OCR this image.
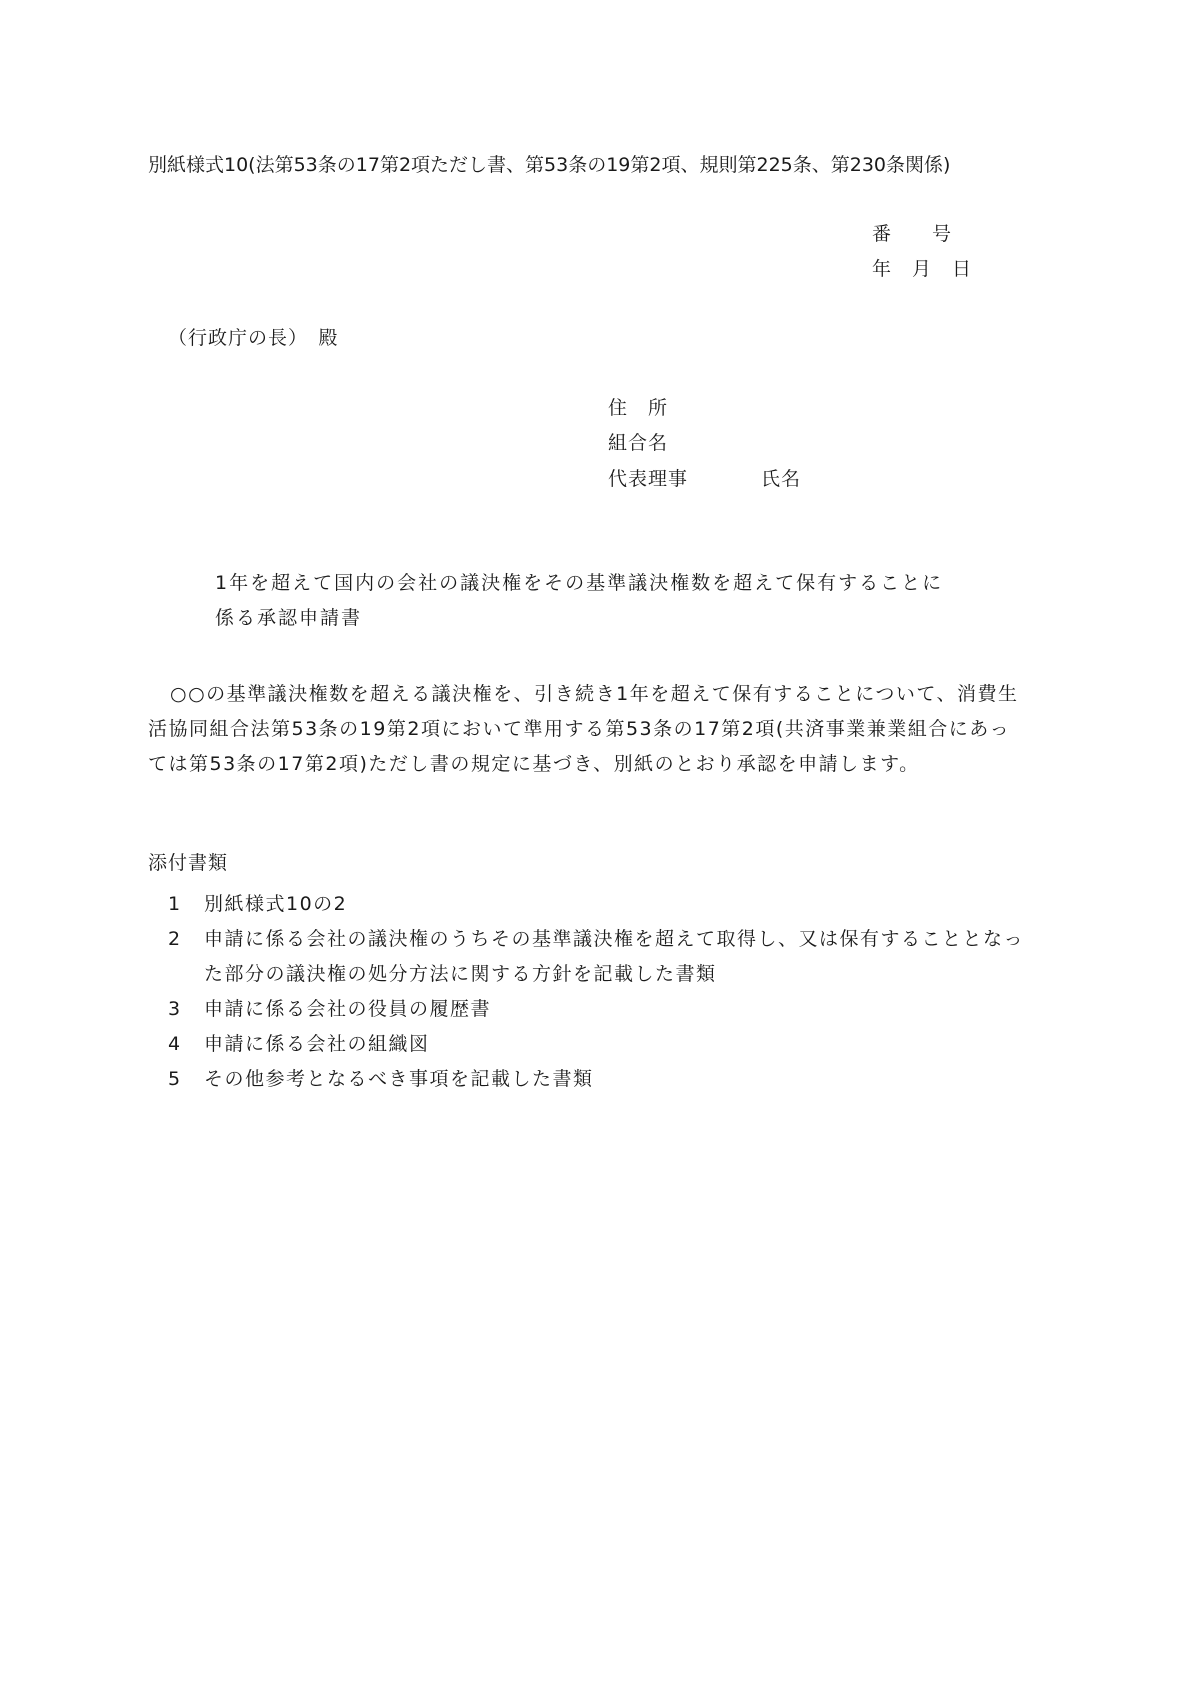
別紙様式10(法第53条の17第2項ただし書、第53条の19第2項、規則第225条、第230条関係)
番　　号
年　月　日
（行政庁の長）　殿
住　所
組合名
代表理事	氏名
1年を超えて国内の会社の議決権をその基準議決権数を超えて保有することに
係る承認申請書
○○の基準議決権数を超える議決権を、引き続き1年を超えて保有することについて、消費生活協同組合法第53条の19第2項において準用する第53条の17第2項(共済事業兼業組合にあっては第53条の17第2項)ただし書の規定に基づき、別紙のとおり承認を申請します。
添付書類
1 別紙様式10の2
2 申請に係る会社の議決権のうちその基準議決権を超えて取得し、又は保有することとなった部分の議決権の処分方法に関する方針を記載した書類
3 申請に係る会社の役員の履歴書
4 申請に係る会社の組織図
5 その他参考となるべき事項を記載した書類
